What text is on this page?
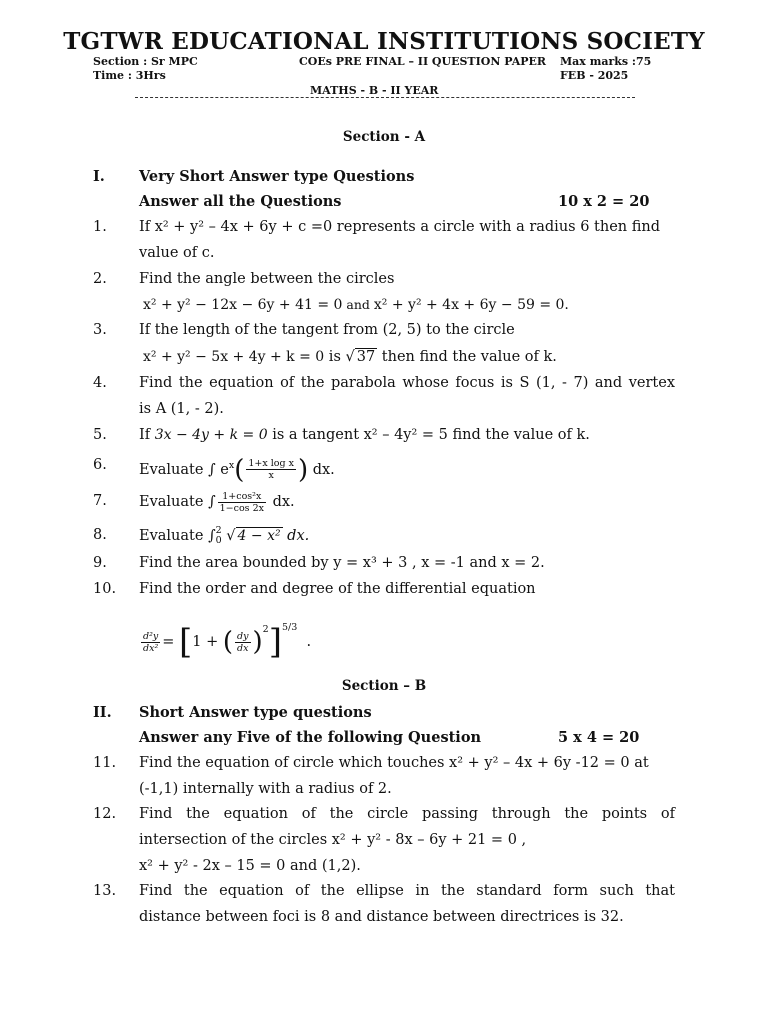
TGTWR EDUCATIONAL INSTITUTIONS SOCIETY
Section : Sr MPC	COEs PRE FINAL – II QUESTION PAPER Max marks :75
Time : 3Hrs	FEB - 2025
MATHS - B - II YEAR
Section - A
I. Very Short Answer type Questions
Answer all the Questions	10 x 2 = 20
1. If x² + y² – 4x + 6y + c =0 represents a circle with a radius 6 then find
value of c.
2. Find the angle between the circles
x² + y² − 12x − 6y + 41 = 0 and x² + y² + 4x + 6y − 59 = 0.
3. If the length of the tangent from (2, 5) to the circle
x² + y² − 5x + 4y + k = 0 is √ 37 then find the value of k.
4. Find the equation of the parabola whose focus is S (1, - 7) and vertex
is A (1, - 2).
5. If 3x − 4y + k = 0 is a tangent x² – 4y² = 5 find the value of k.
6. Evaluate ∫ $e^x( \frac{\text{1+x log x}}{x}$ ) dx.
7. Evaluate ∫ $\frac{\text{1+cos²x}}{1-\cos 2x}$ dx.
8. Evaluate ∫ 2
0 √ 4 − x² dx.
9. Find the area bounded by y = x³ + 3 , x = -1 and x = 2.
10. Find the order and degree of the differential equation
$\frac{\text{d²y}}{\text{dx²}} = [1$ + ( $\frac{dy}{dx} )^2]^{5/3}$  .
Section – B
II. Short Answer type questions
Answer any Five of the following Question	5 x 4 = 20
11. Find the equation of circle which touches x² + y² – 4x + 6y -12 = 0 at
(-1,1) internally with a radius of 2.
12. Find the equation of the circle passing through the points of
intersection of the circles x² + y² - 8x – 6y + 21 = 0 ,
x² + y² - 2x – 15 = 0 and (1,2).
13. Find the equation of the ellipse in the standard form such that
distance between foci is 8 and distance between directrices is 32.
